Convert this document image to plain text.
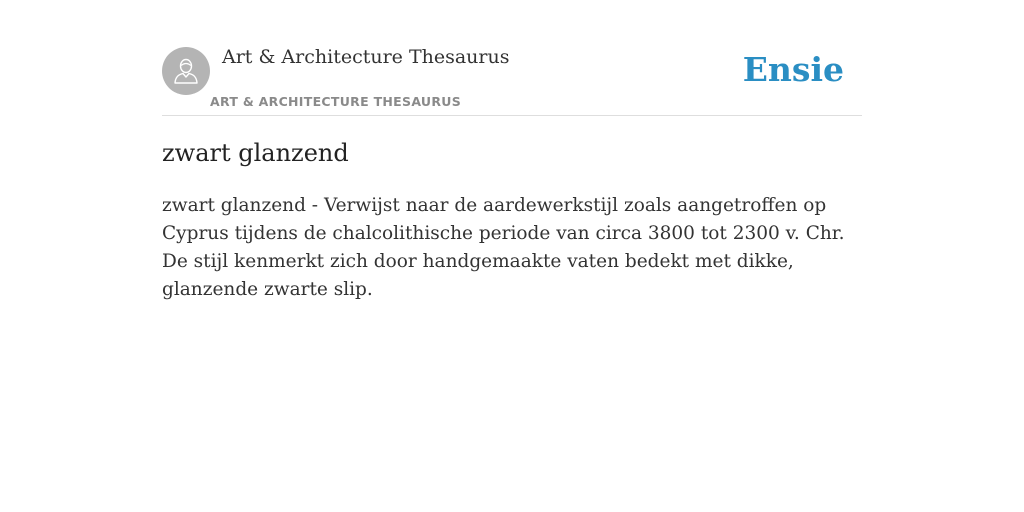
Art & Architecture Thesaurus
ART & ARCHITECTURE THESAURUS
Ensie
zwart glanzend

zwart glanzend - Verwijst naar de aardewerkstijl zoals aangetroffen op Cyprus tijdens de chalcolithische periode van circa 3800 tot 2300 v. Chr. De stijl kenmerkt zich door handgemaakte vaten bedekt met dikke, glanzende zwarte slip.
